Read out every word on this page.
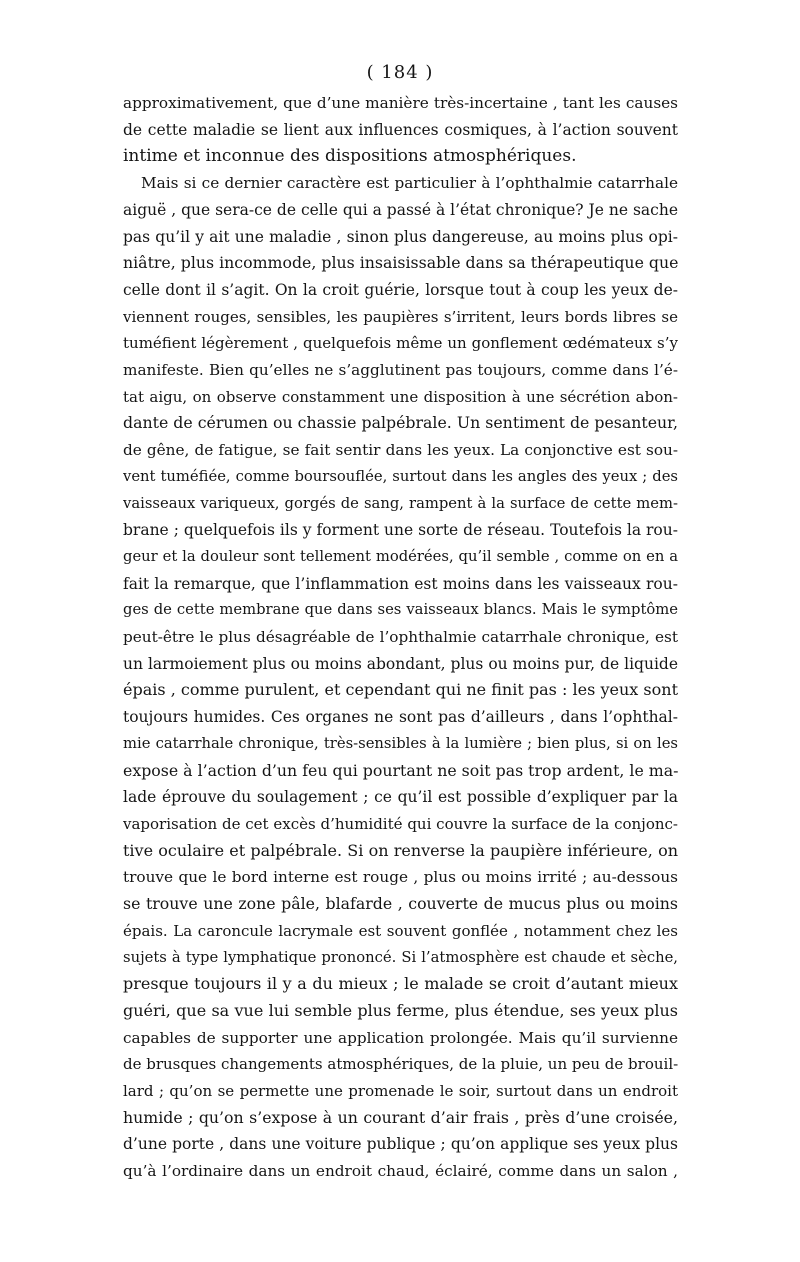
( 184 )
approximativement, que d’une manière très-incertaine , tant les causes
de cette maladie se lient aux influences cosmiques, à l’action souvent
intime et inconnue des dispositions atmosphériques.
Mais si ce dernier caractère est particulier à l’ophthalmie catarrhale
aiguë , que sera-ce de celle qui a passé à l’état chronique? Je ne sache
pas qu’il y ait une maladie , sinon plus dangereuse, au moins plus opi-
niâtre, plus incommode, plus insaisissable dans sa thérapeutique que
celle dont il s’agit. On la croit guérie, lorsque tout à coup les yeux de-
viennent rouges, sensibles, les paupières s’irritent, leurs bords libres se
tuméfient légèrement , quelquefois même un gonflement œdémateux s’y
manifeste. Bien qu’elles ne s’agglutinent pas toujours, comme dans l’é-
tat aigu, on observe constamment une disposition à une sécrétion abon-
dante de cérumen ou chassie palpébrale. Un sentiment de pesanteur,
de gêne, de fatigue, se fait sentir dans les yeux. La conjonctive est sou-
vent tuméfiée, comme boursouflée, surtout dans les angles des yeux ; des
vaisseaux variqueux, gorgés de sang, rampent à la surface de cette mem-
brane ; quelquefois ils y forment une sorte de réseau. Toutefois la rou-
geur et la douleur sont tellement modérées, qu’il semble , comme on en a
fait la remarque, que l’inflammation est moins dans les vaisseaux rou-
ges de cette membrane que dans ses vaisseaux blancs. Mais le symptôme
peut-être le plus désagréable de l’ophthalmie catarrhale chronique, est
un larmoiement plus ou moins abondant, plus ou moins pur, de liquide
épais , comme purulent, et cependant qui ne finit pas : les yeux sont
toujours humides. Ces organes ne sont pas d’ailleurs , dans l’ophthal-
mie catarrhale chronique, très-sensibles à la lumière ; bien plus, si on les
expose à l’action d’un feu qui pourtant ne soit pas trop ardent, le ma-
lade éprouve du soulagement ; ce qu’il est possible d’expliquer par la
vaporisation de cet excès d’humidité qui couvre la surface de la conjonc-
tive oculaire et palpébrale. Si on renverse la paupière inférieure, on
trouve que le bord interne est rouge , plus ou moins irrité ; au-dessous
se trouve une zone pâle, blafarde , couverte de mucus plus ou moins
épais. La caroncule lacrymale est souvent gonflée , notamment chez les
sujets à type lymphatique prononcé. Si l’atmosphère est chaude et sèche,
presque toujours il y a du mieux ; le malade se croit d’autant mieux
guéri, que sa vue lui semble plus ferme, plus étendue, ses yeux plus
capables de supporter une application prolongée. Mais qu’il survienne
de brusques changements atmosphériques, de la pluie, un peu de brouil-
lard ; qu’on se permette une promenade le soir, surtout dans un endroit
humide ; qu’on s’expose à un courant d’air frais , près d’une croisée,
d’une porte , dans une voiture publique ; qu’on applique ses yeux plus
qu’à l’ordinaire dans un endroit chaud, éclairé, comme dans un salon ,
